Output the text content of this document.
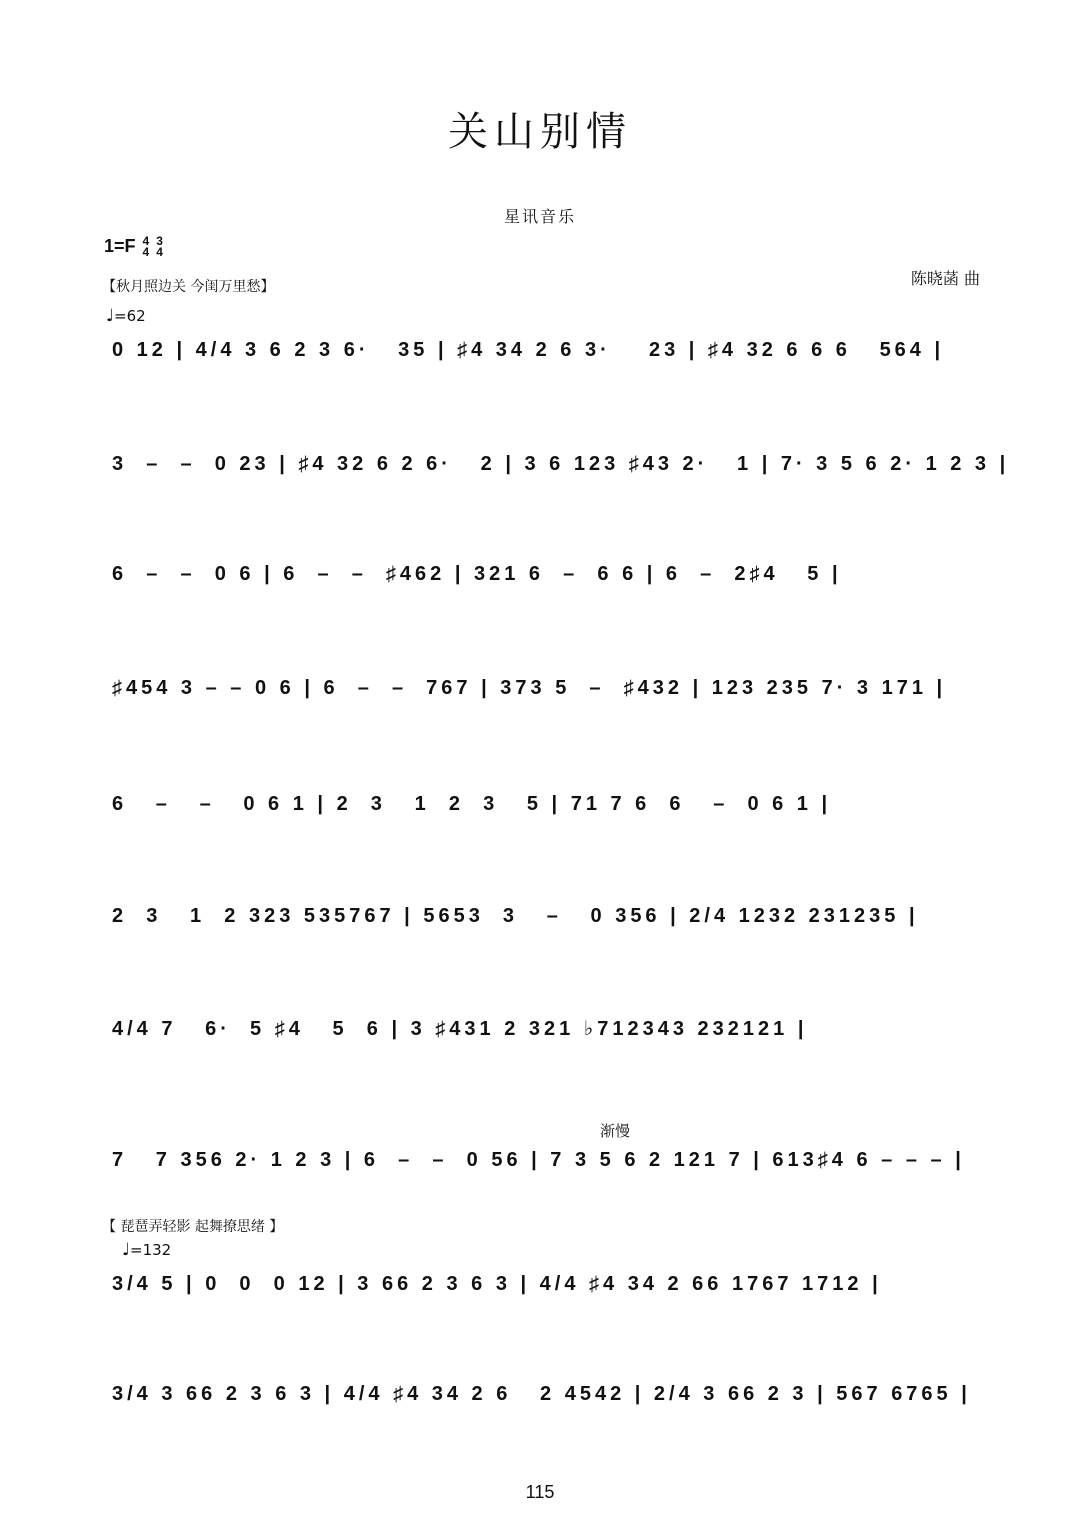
关山别情
星讯音乐
1=F 4
4 3
4
陈晓菡 曲
【秋月照边关 今闺万里愁】
♩=62
0 12 | 4/4 3 6 2 3 6·   35 | ♯4 34 2 6 3·    23 | ♯4 32 6 6 6   564 |
3  –  –  0 23 | ♯4 32 6 2 6·   2 | 3 6 123 ♯43 2·   1 | 7· 3 5 6 2· 1 2 3 |
6  –  –  0 6 | 6  –  –  ♯462 | 321 6  –  6 6 | 6  –  2♯4   5 |
♯454 3 – – 0 6 | 6  –  –  767 | 373 5  –  ♯432 | 123 235 7· 3 171 |
6   –   –   0 6 1 | 2  3   1  2  3   5 | 71 7 6  6   –  0 6 1 |
2  3   1  2 323 535767 | 5653  3   –   0 356 | 2/4 1232 231235 |
4/4 7   6·  5 ♯4   5  6 | 3 ♯431 2 321 ♭712343 232121 |
渐慢
7   7 356 2· 1 2 3 | 6  –  –  0 56 | 7 3 5 6 2 121 7 | 613♯4 6 – – – |
【 琵琶弄轻影 起舞撩思绪 】
♩=132
3/4 5 | 0  0  0 12 | 3 66 2 3 6 3 | 4/4 ♯4 34 2 66 1767 1712 |
3/4 3 66 2 3 6 3 | 4/4 ♯4 34 2 6   2 4542 | 2/4 3 66 2 3 | 567 6765 |
115
